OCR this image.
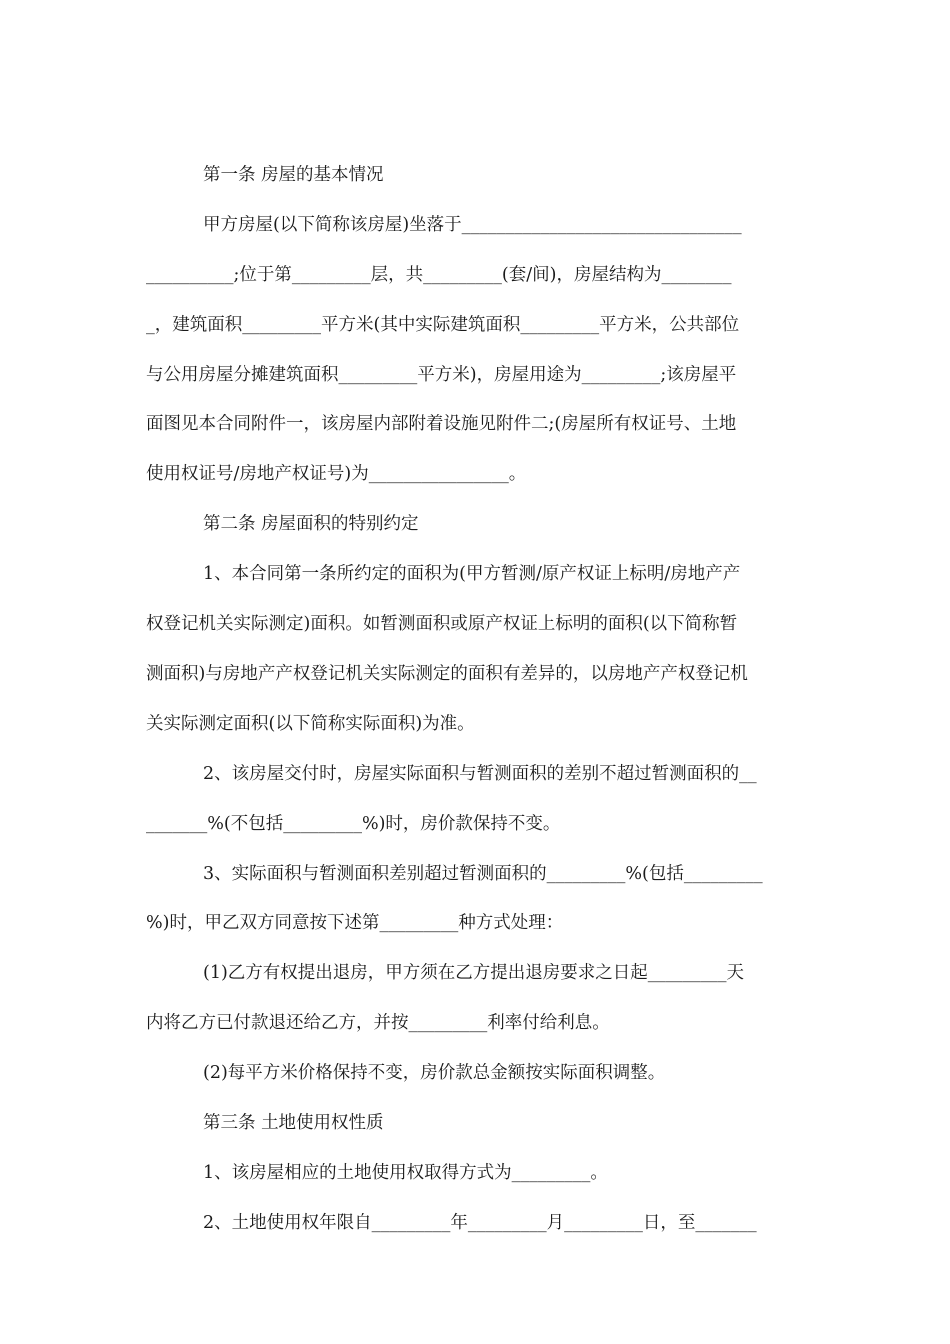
第一条 房屋的基本情况
甲方房屋(以下简称该房屋)坐落于________________________________
__________;位于第_________层，共_________(套/间)，房屋结构为________
_，建筑面积_________平方米(其中实际建筑面积_________平方米，公共部位
与公用房屋分摊建筑面积_________平方米)，房屋用途为_________;该房屋平
面图见本合同附件一，该房屋内部附着设施见附件二;(房屋所有权证号、土地
使用权证号/房地产权证号)为________________。
第二条 房屋面积的特别约定
1、本合同第一条所约定的面积为(甲方暂测/原产权证上标明/房地产产
权登记机关实际测定)面积。如暂测面积或原产权证上标明的面积(以下简称暂
测面积)与房地产产权登记机关实际测定的面积有差异的，以房地产产权登记机
关实际测定面积(以下简称实际面积)为准。
2、该房屋交付时，房屋实际面积与暂测面积的差别不超过暂测面积的__
_______%(不包括_________%)时，房价款保持不变。
3、实际面积与暂测面积差别超过暂测面积的_________%(包括_________
%)时，甲乙双方同意按下述第_________种方式处理：
(1)乙方有权提出退房，甲方须在乙方提出退房要求之日起_________天
内将乙方已付款退还给乙方，并按_________利率付给利息。
(2)每平方米价格保持不变，房价款总金额按实际面积调整。
第三条 土地使用权性质
1、该房屋相应的土地使用权取得方式为_________。
2、土地使用权年限自_________年_________月_________日，至_______
